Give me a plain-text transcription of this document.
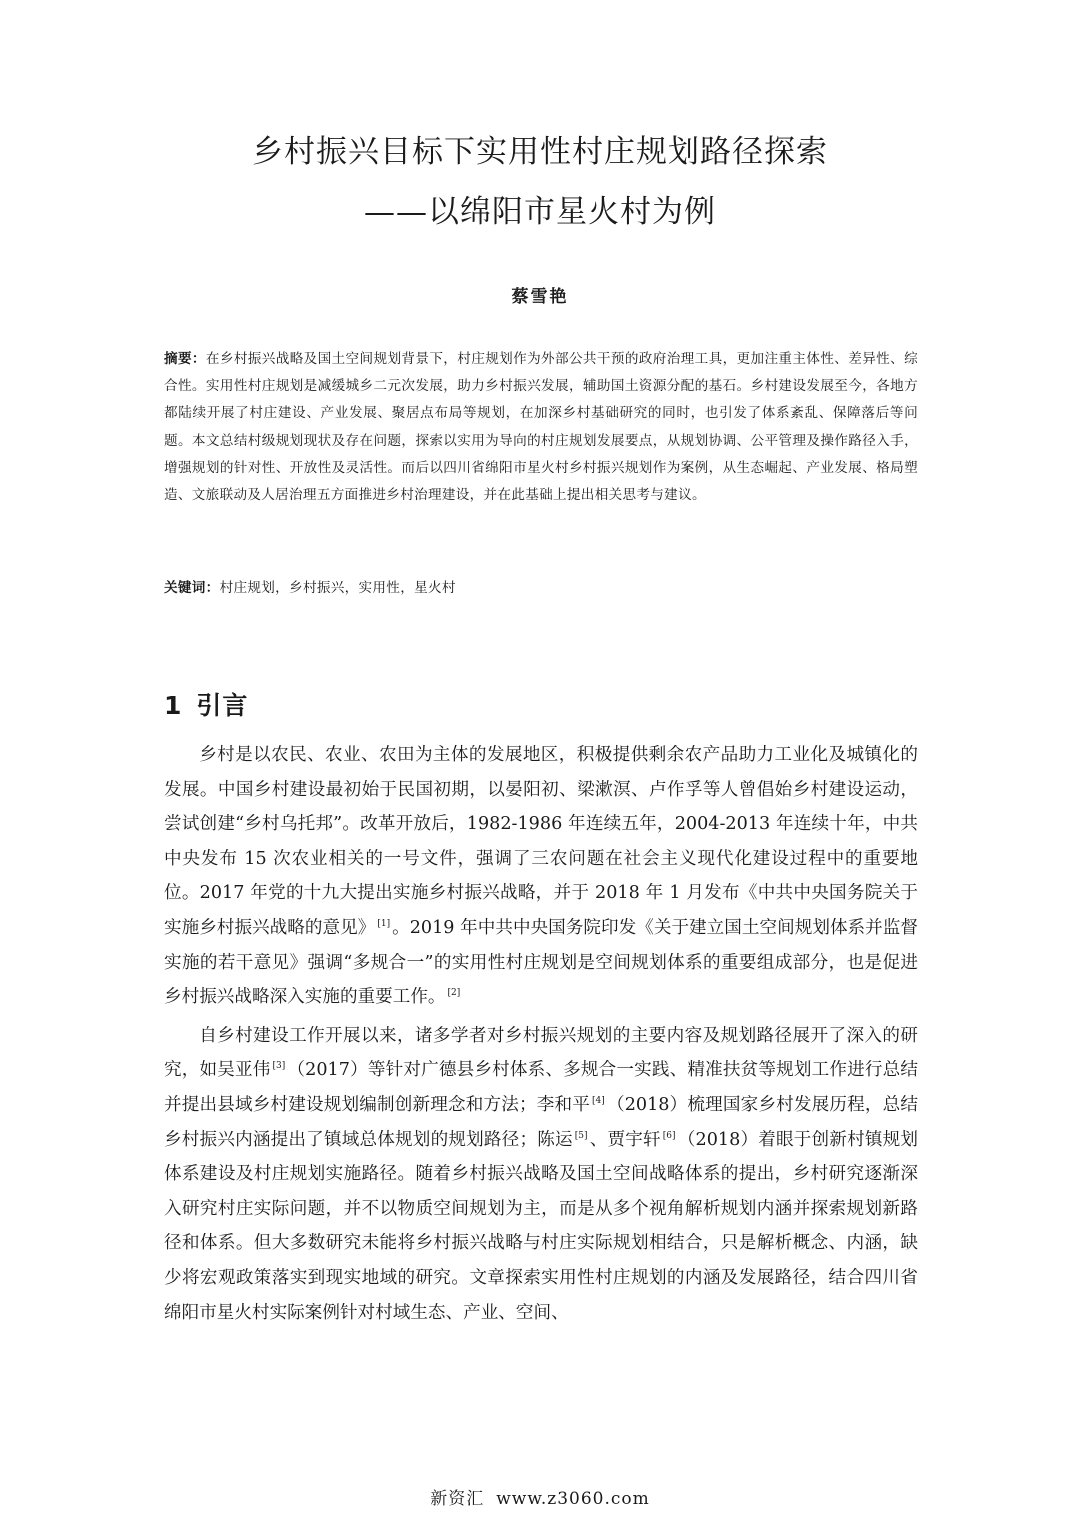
乡村振兴目标下实用性村庄规划路径探索
——以绵阳市星火村为例
蔡雪艳
摘要：在乡村振兴战略及国土空间规划背景下，村庄规划作为外部公共干预的政府治理工具，更加注重主体性、差异性、综合性。实用性村庄规划是减缓城乡二元次发展，助力乡村振兴发展，辅助国土资源分配的基石。乡村建设发展至今，各地方都陆续开展了村庄建设、产业发展、聚居点布局等规划，在加深乡村基础研究的同时，也引发了体系紊乱、保障落后等问题。本文总结村级规划现状及存在问题，探索以实用为导向的村庄规划发展要点，从规划协调、公平管理及操作路径入手，增强规划的针对性、开放性及灵活性。而后以四川省绵阳市星火村乡村振兴规划作为案例，从生态崛起、产业发展、格局塑造、文旅联动及人居治理五方面推进乡村治理建设，并在此基础上提出相关思考与建议。
关键词：村庄规划，乡村振兴，实用性，星火村
1 引言

乡村是以农民、农业、农田为主体的发展地区，积极提供剩余农产品助力工业化及城镇化的发展。中国乡村建设最初始于民国初期，以晏阳初、梁漱溟、卢作孚等人曾倡始乡村建设运动，尝试创建“乡村乌托邦”。改革开放后，1982-1986 年连续五年，2004-2013 年连续十年，中共中央发布 15 次农业相关的一号文件，强调了三农问题在社会主义现代化建设过程中的重要地位。2017 年党的十九大提出实施乡村振兴战略，并于 2018 年 1 月发布《中共中央国务院关于实施乡村振兴战略的意见》 [1] 。2019 年中共中央国务院印发《关于建立国土空间规划体系并监督实施的若干意见》强调“多规合一”的实用性村庄规划是空间规划体系的重要组成部分，也是促进乡村振兴战略深入实施的重要工作。 [2]

自乡村建设工作开展以来，诸多学者对乡村振兴规划的主要内容及规划路径展开了深入的研究，如吴亚伟 [3] （2017）等针对广德县乡村体系、多规合一实践、精准扶贫等规划工作进行总结并提出县域乡村建设规划编制创新理念和方法；李和平 [4] （2018）梳理国家乡村发展历程，总结乡村振兴内涵提出了镇域总体规划的规划路径；陈运 [5] 、贾宇轩 [6] （2018）着眼于创新村镇规划体系建设及村庄规划实施路径。随着乡村振兴战略及国土空间战略体系的提出，乡村研究逐渐深入研究村庄实际问题，并不以物质空间规划为主，而是从多个视角解析规划内涵并探索规划新路径和体系。但大多数研究未能将乡村振兴战略与村庄实际规划相结合，只是解析概念、内涵，缺少将宏观政策落实到现实地域的研究。文章探索实用性村庄规划的内涵及发展路径，结合四川省绵阳市星火村实际案例针对村域生态、产业、空间、

新资汇 www.z3060.com
